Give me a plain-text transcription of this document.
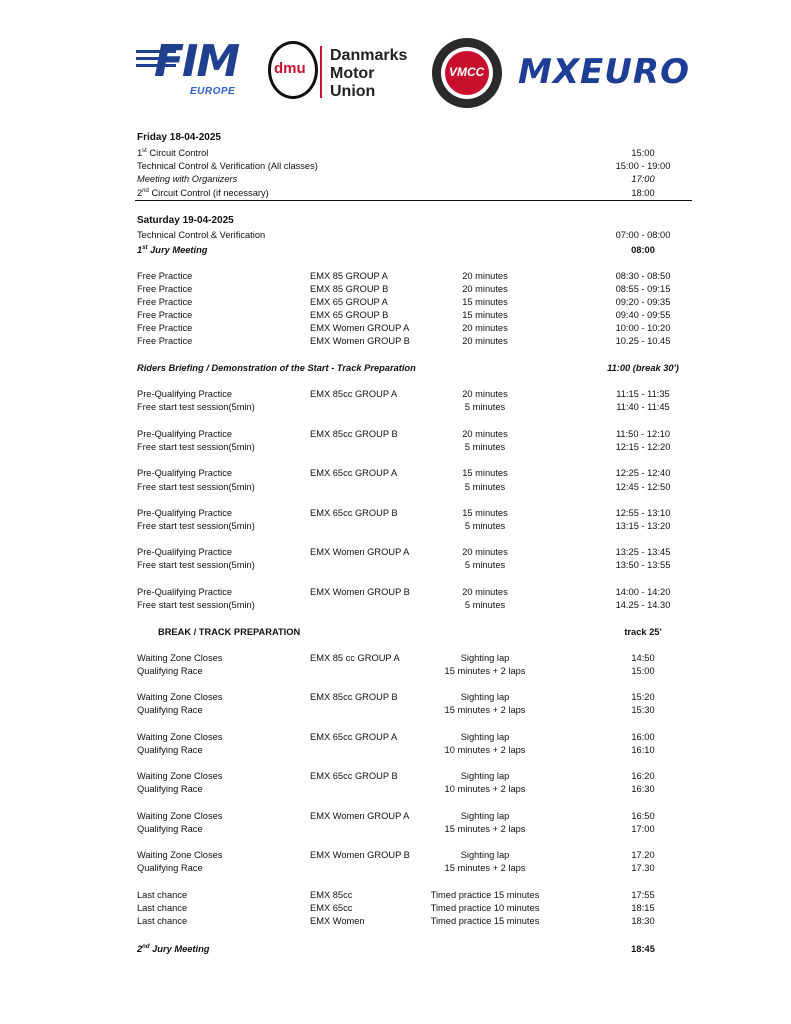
FIM
EUROPE
dmu
Danmarks
Motor
Union
VMCC MXEURO
Friday 18-04-2025
1st Circuit Control	15:00
Technical Control & Verification (All classes)	15:00 - 19:00
Meeting with Organizers	17:00
2nd Circuit Control (if necessary)	18:00
Saturday 19-04-2025
Technical Control & Verification	07:00 - 08:00
1st Jury Meeting	08:00
Free Practice	EMX 85 GROUP A	20 minutes	08:30 - 08:50
Free Practice	EMX 85 GROUP B	20 minutes	08:55 - 09:15
Free Practice	EMX 65 GROUP A	15 minutes	09:20 - 09:35
Free Practice	EMX 65 GROUP B	15 minutes	09:40 - 09:55
Free Practice	EMX Women GROUP A	20 minutes	10:00 - 10:20
Free Practice	EMX Women GROUP B	20 minutes	10.25 - 10.45
Riders Briefing / Demonstration of the Start - Track Preparation	11:00 (break 30')
Pre-Qualifying Practice	EMX 85cc GROUP A	20 minutes	11:15 - 11:35
Free start test session(5min)	5 minutes	11:40 - 11:45
Pre-Qualifying Practice	EMX 85cc GROUP B	20 minutes	11:50 - 12:10
Free start test session(5min)	5 minutes	12:15 - 12:20
Pre-Qualifying Practice	EMX 65cc GROUP A	15 minutes	12:25 - 12:40
Free start test session(5min)	5 minutes	12:45 - 12:50
Pre-Qualifying Practice	EMX 65cc GROUP B	15 minutes	12:55 - 13:10
Free start test session(5min)	5 minutes	13:15 - 13:20
Pre-Qualifying Practice	EMX Women GROUP A	20 minutes	13:25 - 13:45
Free start test session(5min)	5 minutes	13:50 - 13:55
Pre-Qualifying Practice	EMX Women GROUP B	20 minutes	14:00 - 14:20
Free start test session(5min)	5 minutes	14.25 - 14.30
BREAK / TRACK PREPARATION	track 25'
Waiting Zone Closes	EMX 85 cc GROUP A	Sighting lap	14:50
Qualifying Race	15 minutes + 2 laps	15:00
Waiting Zone Closes	EMX 85cc GROUP B	Sighting lap	15:20
Qualifying Race	15 minutes + 2 laps	15:30
Waiting Zone Closes	EMX 65cc GROUP A	Sighting lap	16:00
Qualifying Race	10 minutes + 2 laps	16:10
Waiting Zone Closes	EMX 65cc GROUP B	Sighting lap	16:20
Qualifying Race	10 minutes + 2 laps	16:30
Waiting Zone Closes	EMX Women GROUP A	Sighting lap	16:50
Qualifying Race	15 minutes + 2 laps	17:00
Waiting Zone Closes	EMX Women GROUP B	Sighting lap	17.20
Qualifying Race	15 minutes + 2 laps	17.30
Last chance	EMX 85cc	Timed practice 15 minutes	17:55
Last chance	EMX 65cc	Timed practice 10 minutes	18:15
Last chance	EMX Women	Timed practice 15 minutes	18:30
2nd Jury Meeting	18:45
